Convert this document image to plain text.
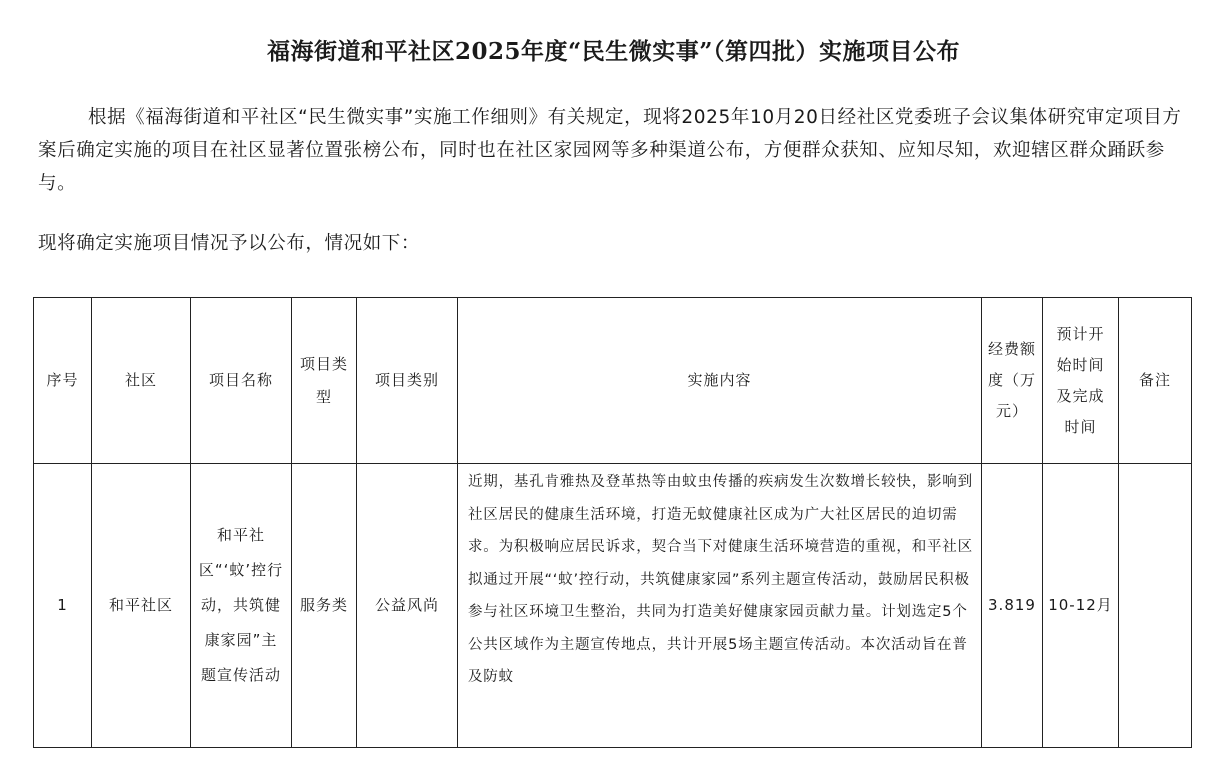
福海街道和平社区2025年度“民生微实事”（第四批）实施项目公布
根据《福海街道和平社区“民生微实事”实施工作细则》有关规定，现将2025年10月20日经社区党委班子会议集体研究审定项目方案后确定实施的项目在社区显著位置张榜公布，同时也在社区家园网等多种渠道公布，方便群众获知、应知尽知，欢迎辖区群众踊跃参与。
现将确定实施项目情况予以公布，情况如下：
序号	社区	项目名称	项目类型	项目类别	实施内容	经费额度（万元）	预计开始时间及完成时间	备注

1	和平社区	和平社区“‘蚊’控行动，共筑健康家园”主题宣传活动	服务类	公益风尚	近期，基孔肯雅热及登革热等由蚊虫传播的疾病发生次数增长较快，影响到社区居民的健康生活环境，打造无蚊健康社区成为广大社区居民的迫切需求。为积极响应居民诉求，契合当下对健康生活环境营造的重视，和平社区拟通过开展“‘蚊’控行动，共筑健康家园”系列主题宣传活动，鼓励居民积极参与社区环境卫生整治，共同为打造美好健康家园贡献力量。计划选定5个公共区域作为主题宣传地点，共计开展5场主题宣传活动。本次活动旨在普及防蚊	3.819	10-12月	
